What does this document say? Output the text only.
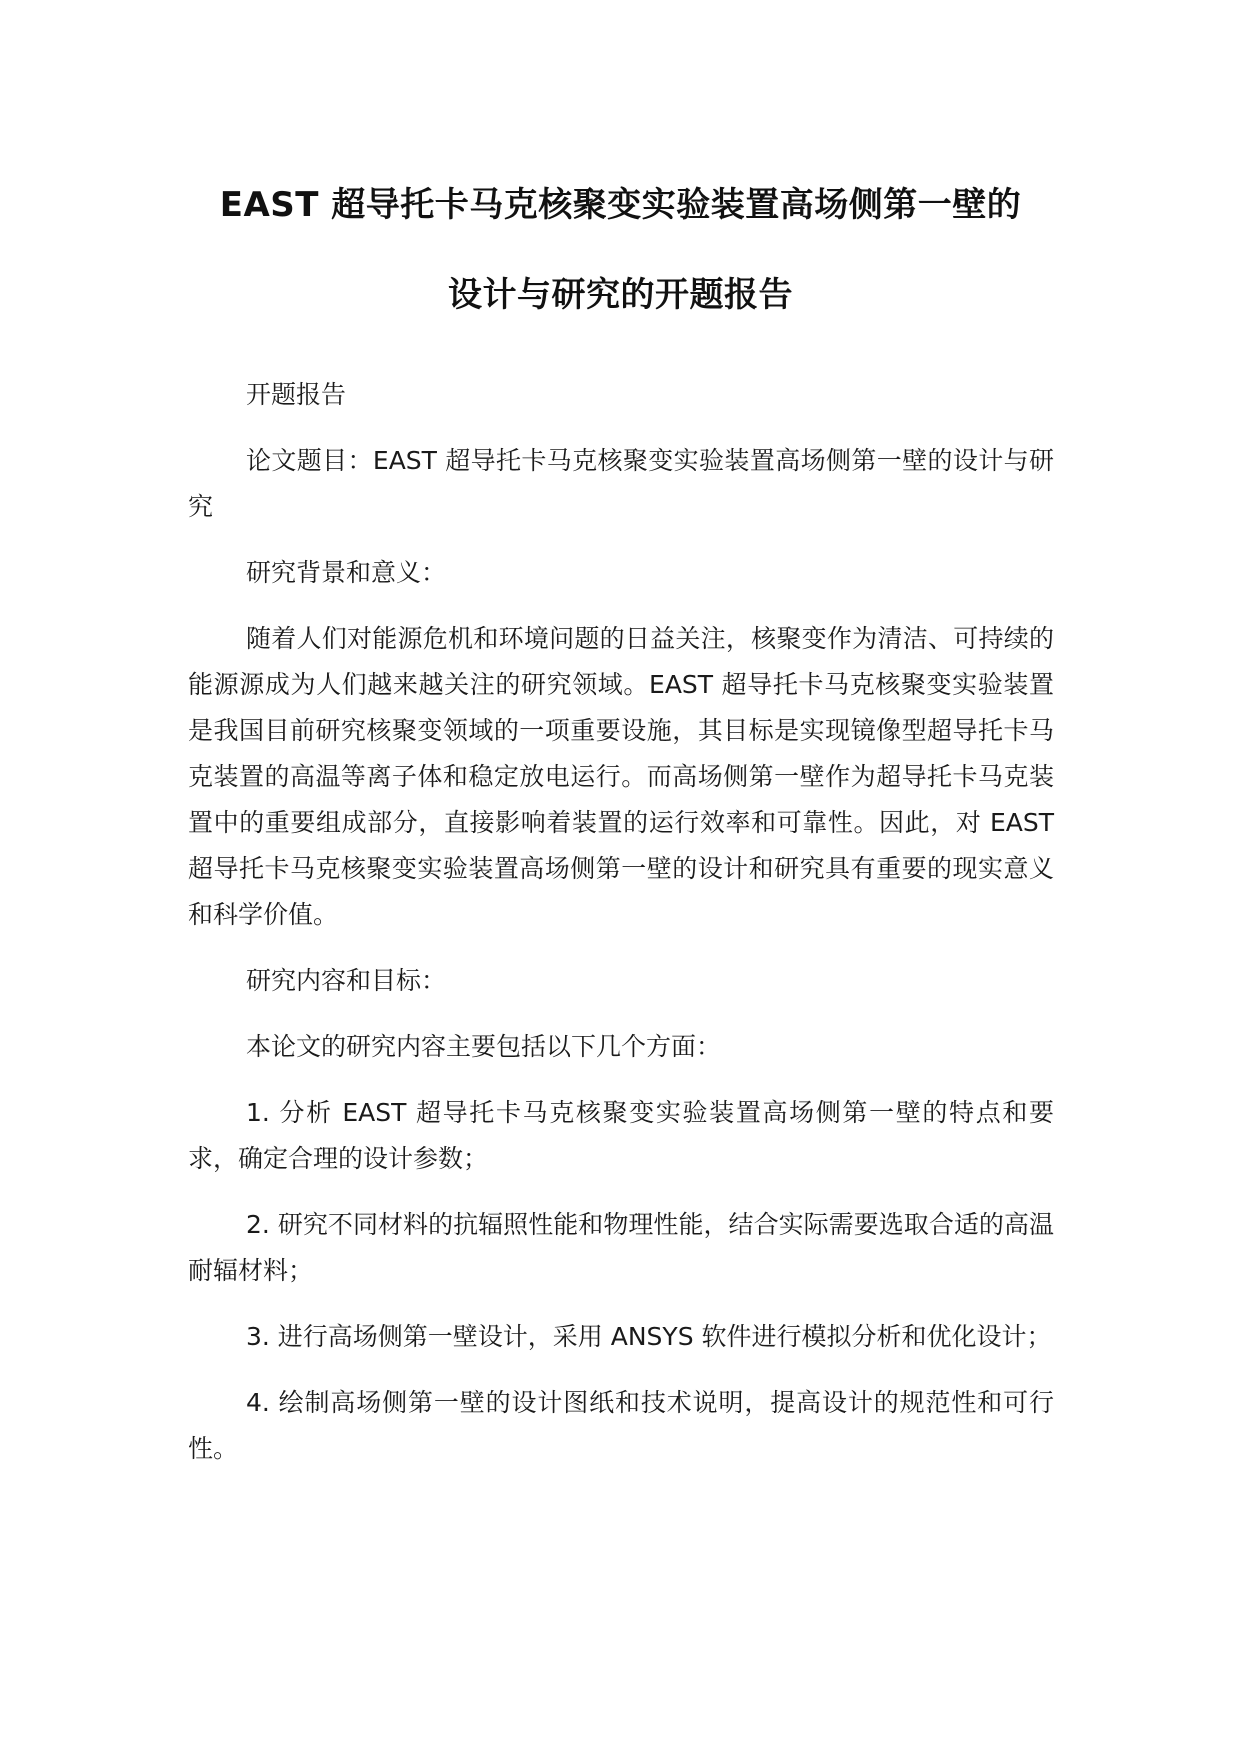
EAST 超导托卡马克核聚变实验装置高场侧第一壁的
设计与研究的开题报告

开题报告

论文题目：EAST 超导托卡马克核聚变实验装置高场侧第一壁的设计与研究

研究背景和意义：

随着人们对能源危机和环境问题的日益关注，核聚变作为清洁、可持续的能源源成为人们越来越关注的研究领域。EAST 超导托卡马克核聚变实验装置是我国目前研究核聚变领域的一项重要设施，其目标是实现镜像型超导托卡马克装置的高温等离子体和稳定放电运行。而高场侧第一壁作为超导托卡马克装置中的重要组成部分，直接影响着装置的运行效率和可靠性。因此，对 EAST 超导托卡马克核聚变实验装置高场侧第一壁的设计和研究具有重要的现实意义和科学价值。

研究内容和目标：

本论文的研究内容主要包括以下几个方面：

1. 分析 EAST 超导托卡马克核聚变实验装置高场侧第一壁的特点和要求，确定合理的设计参数；

2. 研究不同材料的抗辐照性能和物理性能，结合实际需要选取合适的高温耐辐材料；

3. 进行高场侧第一壁设计，采用 ANSYS 软件进行模拟分析和优化设计；

4. 绘制高场侧第一壁的设计图纸和技术说明，提高设计的规范性和可行性。
